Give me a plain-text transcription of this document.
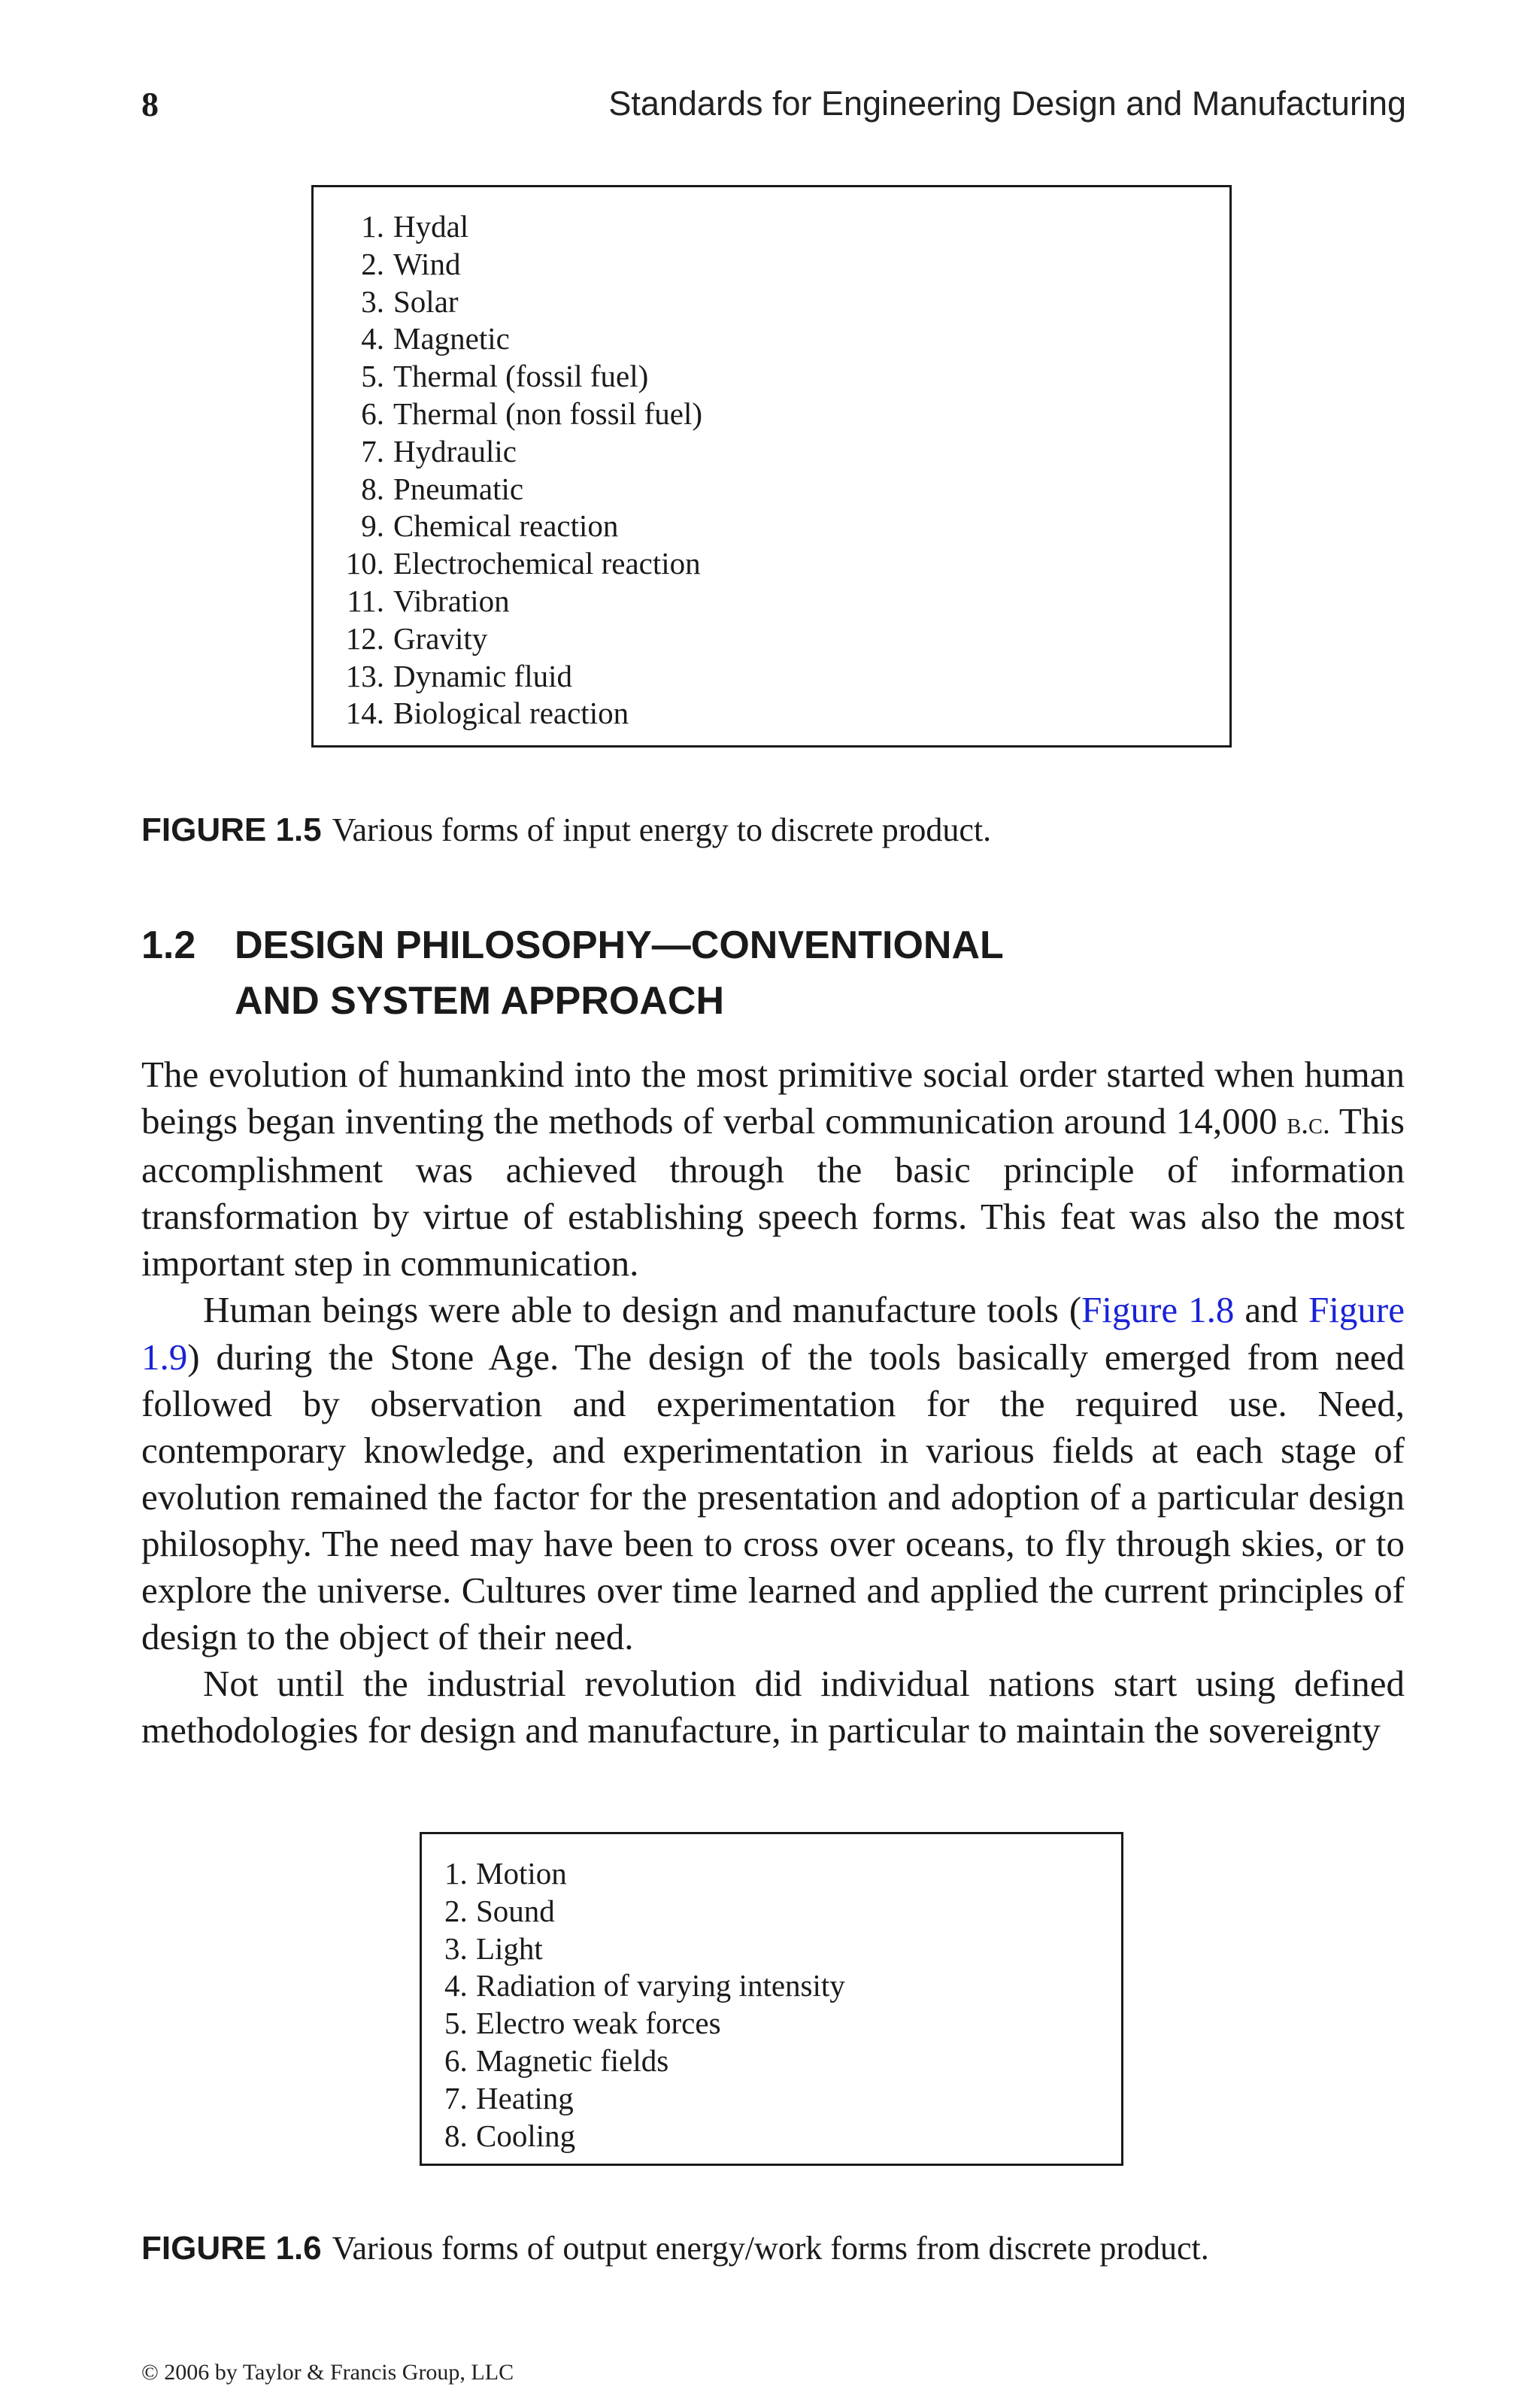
8	Standards for Engineering Design and Manufacturing
1. Hydal
2. Wind
3. Solar
4. Magnetic
5. Thermal (fossil fuel)
6. Thermal (non fossil fuel)
7. Hydraulic
8. Pneumatic
9. Chemical reaction
10. Electrochemical reaction
11. Vibration
12. Gravity
13. Dynamic fluid
14. Biological reaction
FIGURE 1.5 Various forms of input energy to discrete product.
1.2 DESIGN PHILOSOPHY—CONVENTIONAL
AND SYSTEM APPROACH

The evolution of humankind into the most primitive social order started when human beings began inventing the methods of verbal communication around 14,000 b.c. This accomplishment was achieved through the basic principle of information transformation by virtue of establishing speech forms. This feat was also the most important step in communication.

Human beings were able to design and manufacture tools (Figure 1.8 and Figure 1.9) during the Stone Age. The design of the tools basically emerged from need followed by observation and experimentation for the required use. Need, contemporary knowledge, and experimentation in various fields at each stage of evolution remained the factor for the presentation and adoption of a particular design philosophy. The need may have been to cross over oceans, to fly through skies, or to explore the universe. Cultures over time learned and applied the current principles of design to the object of their need.

Not until the industrial revolution did individual nations start using defined methodologies for design and manufacture, in particular to maintain the sovereignty

1. Motion
2. Sound
3. Light
4. Radiation of varying intensity
5. Electro weak forces
6. Magnetic fields
7. Heating
8. Cooling
FIGURE 1.6 Various forms of output energy/work forms from discrete product.
© 2006 by Taylor & Francis Group, LLC
